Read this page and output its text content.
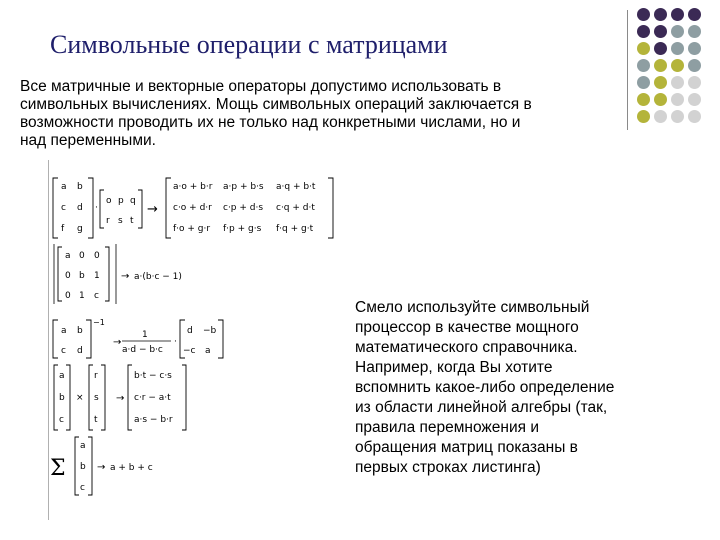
Символьные операции с матрицами
Все матричные и векторные операторы допустимо использовать в
символьных вычислениях. Мощь символьных операций заключается в
возможности проводить их не только над конкретными числами, но и
над переменными.
a b
c d
f g
·
o p q
r s t
→
a·o + b·r a·p + b·s a·q + b·t
c·o + d·r c·p + d·s c·q + d·t
f·o + g·r f·p + g·s f·q + g·t
a 0 0
0 b 1
0 1 c
→ a·(b·c − 1)
a b
c d
−1
→
1
a·d − b·c
·
d −b
−c a
a
b
c
×
r
s
t
→
b·t − c·s
c·r − a·t
a·s − b·r
Σ
a
b
c
→ a + b + c
Смело используйте символьный
процессор в качестве мощного
математического справочника.
Например, когда Вы хотите
вспомнить какое-либо определение
из области линейной алгебры (так,
правила перемножения и
обращения матриц показаны в
первых строках листинга)
